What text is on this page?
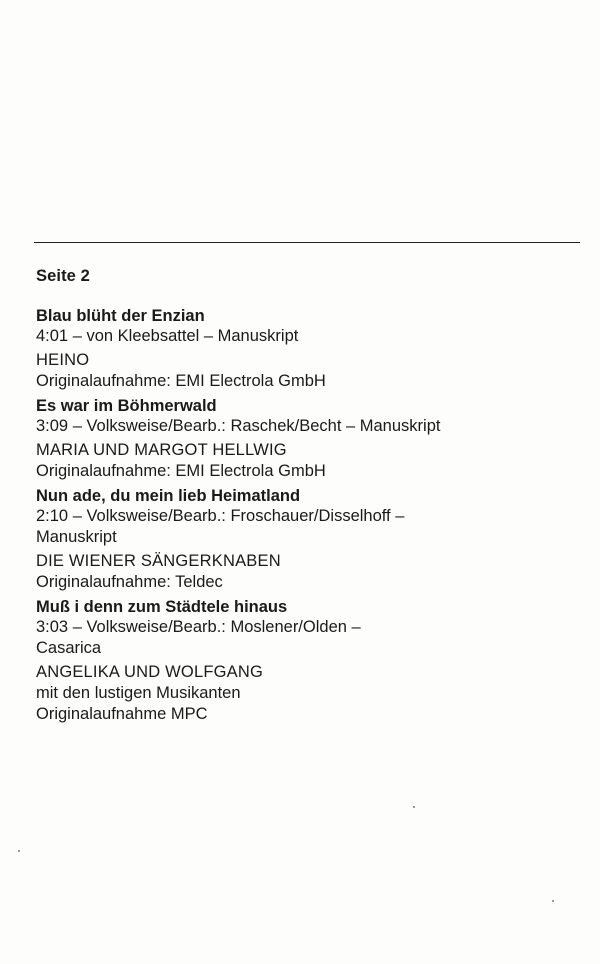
Seite 2
Blau blüht der Enzian
4:01 – von Kleebsattel – Manuskript
HEINO
Originalaufnahme: EMI Electrola GmbH
Es war im Böhmerwald
3:09 – Volksweise/Bearb.: Raschek/Becht – Manuskript
MARIA UND MARGOT HELLWIG
Originalaufnahme: EMI Electrola GmbH
Nun ade, du mein lieb Heimatland
2:10 – Volksweise/Bearb.: Froschauer/Disselhoff –
Manuskript
DIE WIENER SÄNGERKNABEN
Originalaufnahme: Teldec
Muß i denn zum Städtele hinaus
3:03 – Volksweise/Bearb.: Moslener/Olden –
Casarica
ANGELIKA UND WOLFGANG
mit den lustigen Musikanten
Originalaufnahme MPC
